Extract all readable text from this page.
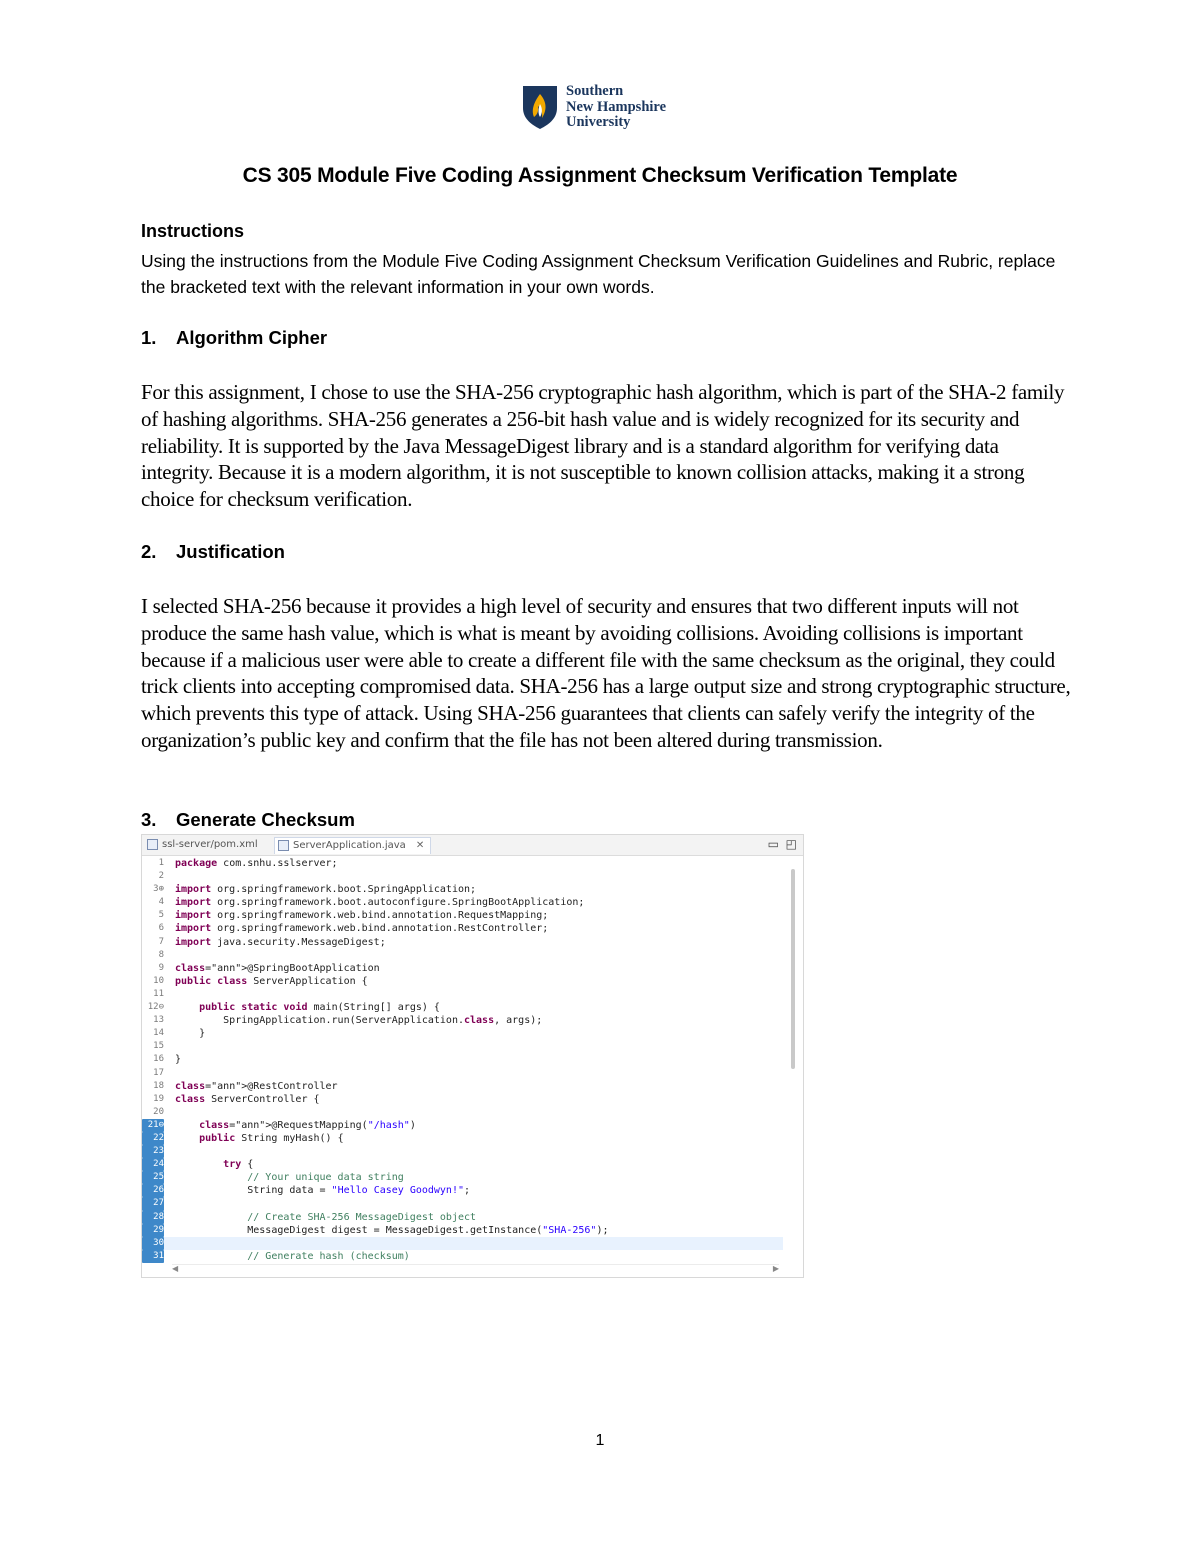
Southern
New Hampshire
University
CS 305 Module Five Coding Assignment Checksum Verification Template
Instructions
Using the instructions from the Module Five Coding Assignment Checksum Verification Guidelines and Rubric, replace the bracketed text with the relevant information in your own words.
1. Algorithm Cipher
For this assignment, I chose to use the SHA-256 cryptographic hash algorithm, which is part of the SHA-2 family of hashing algorithms. SHA-256 generates a 256-bit hash value and is widely recognized for its security and reliability. It is supported by the Java MessageDigest library and is a standard algorithm for verifying data integrity. Because it is a modern algorithm, it is not susceptible to known collision attacks, making it a strong choice for checksum verification.
2. Justification
I selected SHA-256 because it provides a high level of security and ensures that two different inputs will not produce the same hash value, which is what is meant by avoiding collisions. Avoiding collisions is important because if a malicious user were able to create a different file with the same checksum as the original, they could trick clients into accepting compromised data. SHA-256 has a large output size and strong cryptographic structure, which prevents this type of attack. Using SHA-256 guarantees that clients can safely verify the integrity of the organization’s public key and confirm that the file has not been altered during transmission.
3. Generate Checksum
ssl-server/pom.xml	ServerApplication.java ✕	▭ ◰
1 package com.snhu.sslserver;
2
3⊕ import org.springframework.boot.SpringApplication;
4 import org.springframework.boot.autoconfigure.SpringBootApplication;
5 import org.springframework.web.bind.annotation.RequestMapping;
6 import org.springframework.web.bind.annotation.RestController;
7 import java.security.MessageDigest;
8
9 class="ann">@SpringBootApplication
10 public class ServerApplication {
11
12⊖	public static void main(String[] args) {
13 SpringApplication.run(ServerApplication.class, args);
14 }
15
16 }
17
18 class="ann">@RestController
19 class ServerController {
20
21⊖	class="ann">@RequestMapping("/hash")
22	public String myHash() {
23
24	try {
25	// Your unique data string
26 String data = "Hello Casey Goodwyn!";
27
28	// Create SHA-256 MessageDigest object
29 MessageDigest digest = MessageDigest.getInstance("SHA-256");
30
31	// Generate hash (checksum)
◀	▶
1
